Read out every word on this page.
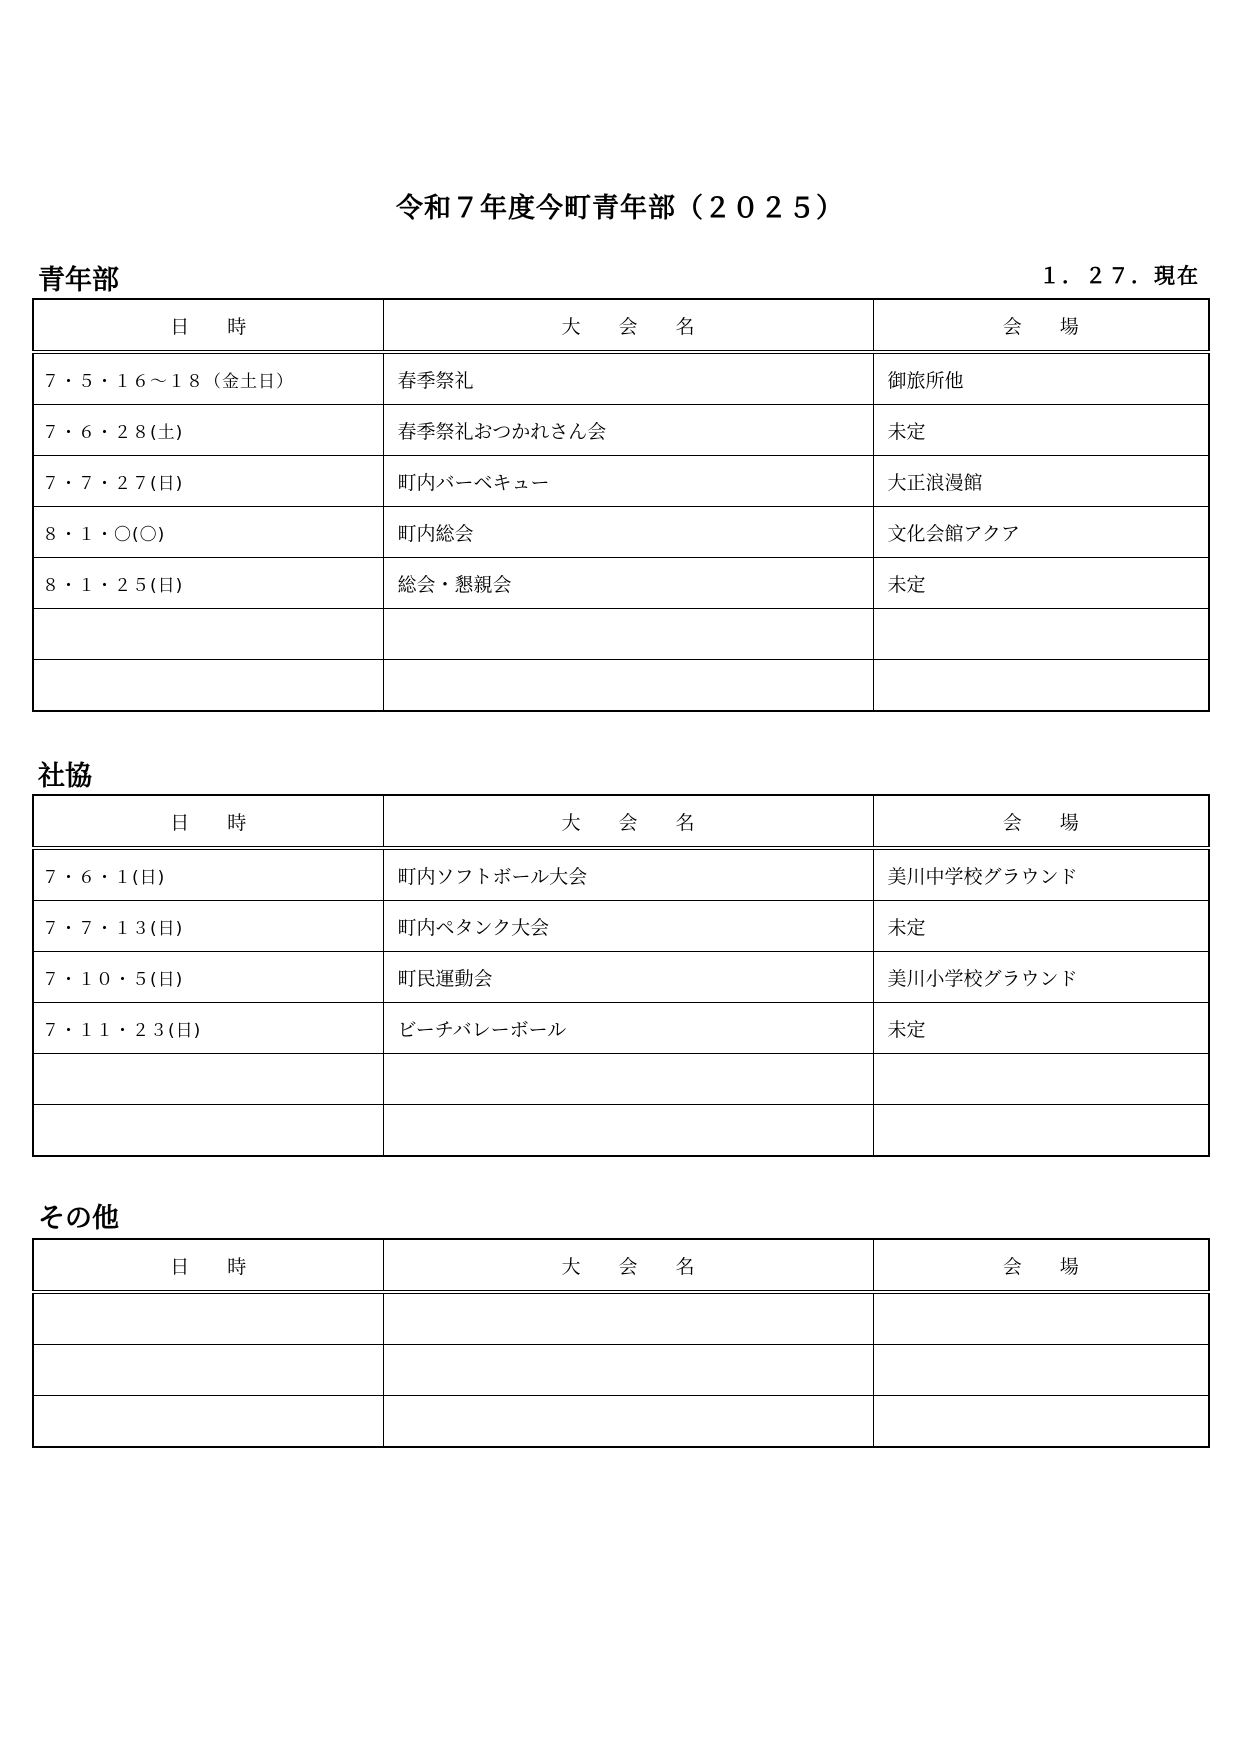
令和７年度今町青年部（２０２５）
青年部	１．２７．現在
日　　時	大　　会　　名	会　　場
７・５・１６〜１８（金土日）	春季祭礼	御旅所他
７・６・２８(土)	春季祭礼おつかれさん会	未定
７・７・２７(日)	町内バーベキュー	大正浪漫館
８・１・〇(〇)	町内総会	文化会館アクア
８・１・２５(日)	総会・懇親会	未定

社協
日　　時	大　　会　　名	会　　場
７・６・１(日)	町内ソフトボール大会	美川中学校グラウンド
７・７・１３(日)	町内ペタンク大会	未定
７・１０・５(日)	町民運動会	美川小学校グラウンド
７・１１・２３(日)	ビーチバレーボール	未定

その他
日　　時	大　　会　　名	会　　場
